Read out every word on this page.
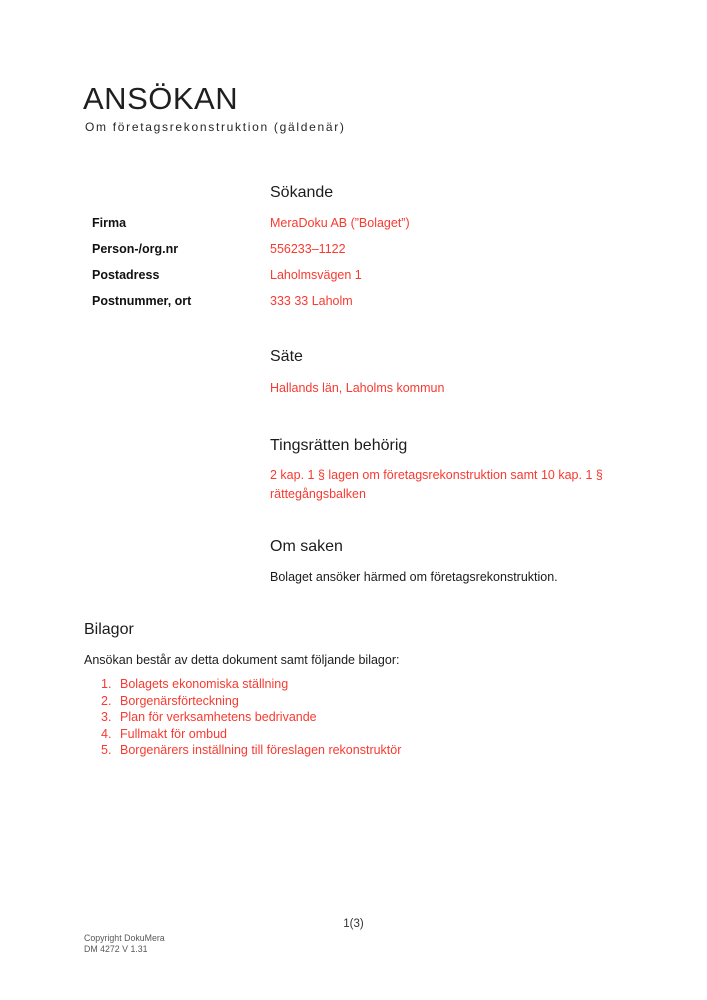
ANSÖKAN
Om företagsrekonstruktion (gäldenär)
Sökande
Firma	MeraDoku AB (”Bolaget”)
Person-/org.nr	556233–1122
Postadress	Laholmsvägen 1
Postnummer, ort	333 33 Laholm
Säte
Hallands län, Laholms kommun
Tingsrätten behörig
2 kap. 1 § lagen om företagsrekonstruktion samt 10 kap. 1 § rättegångsbalken
Om saken
Bolaget ansöker härmed om företagsrekonstruktion.
Bilagor
Ansökan består av detta dokument samt följande bilagor:
1. Bolagets ekonomiska ställning
2. Borgenärsförteckning
3. Plan för verksamhetens bedrivande
4. Fullmakt för ombud
5. Borgenärers inställning till föreslagen rekonstruktör
1(3)
Copyright DokuMera
DM 4272 V 1.31
